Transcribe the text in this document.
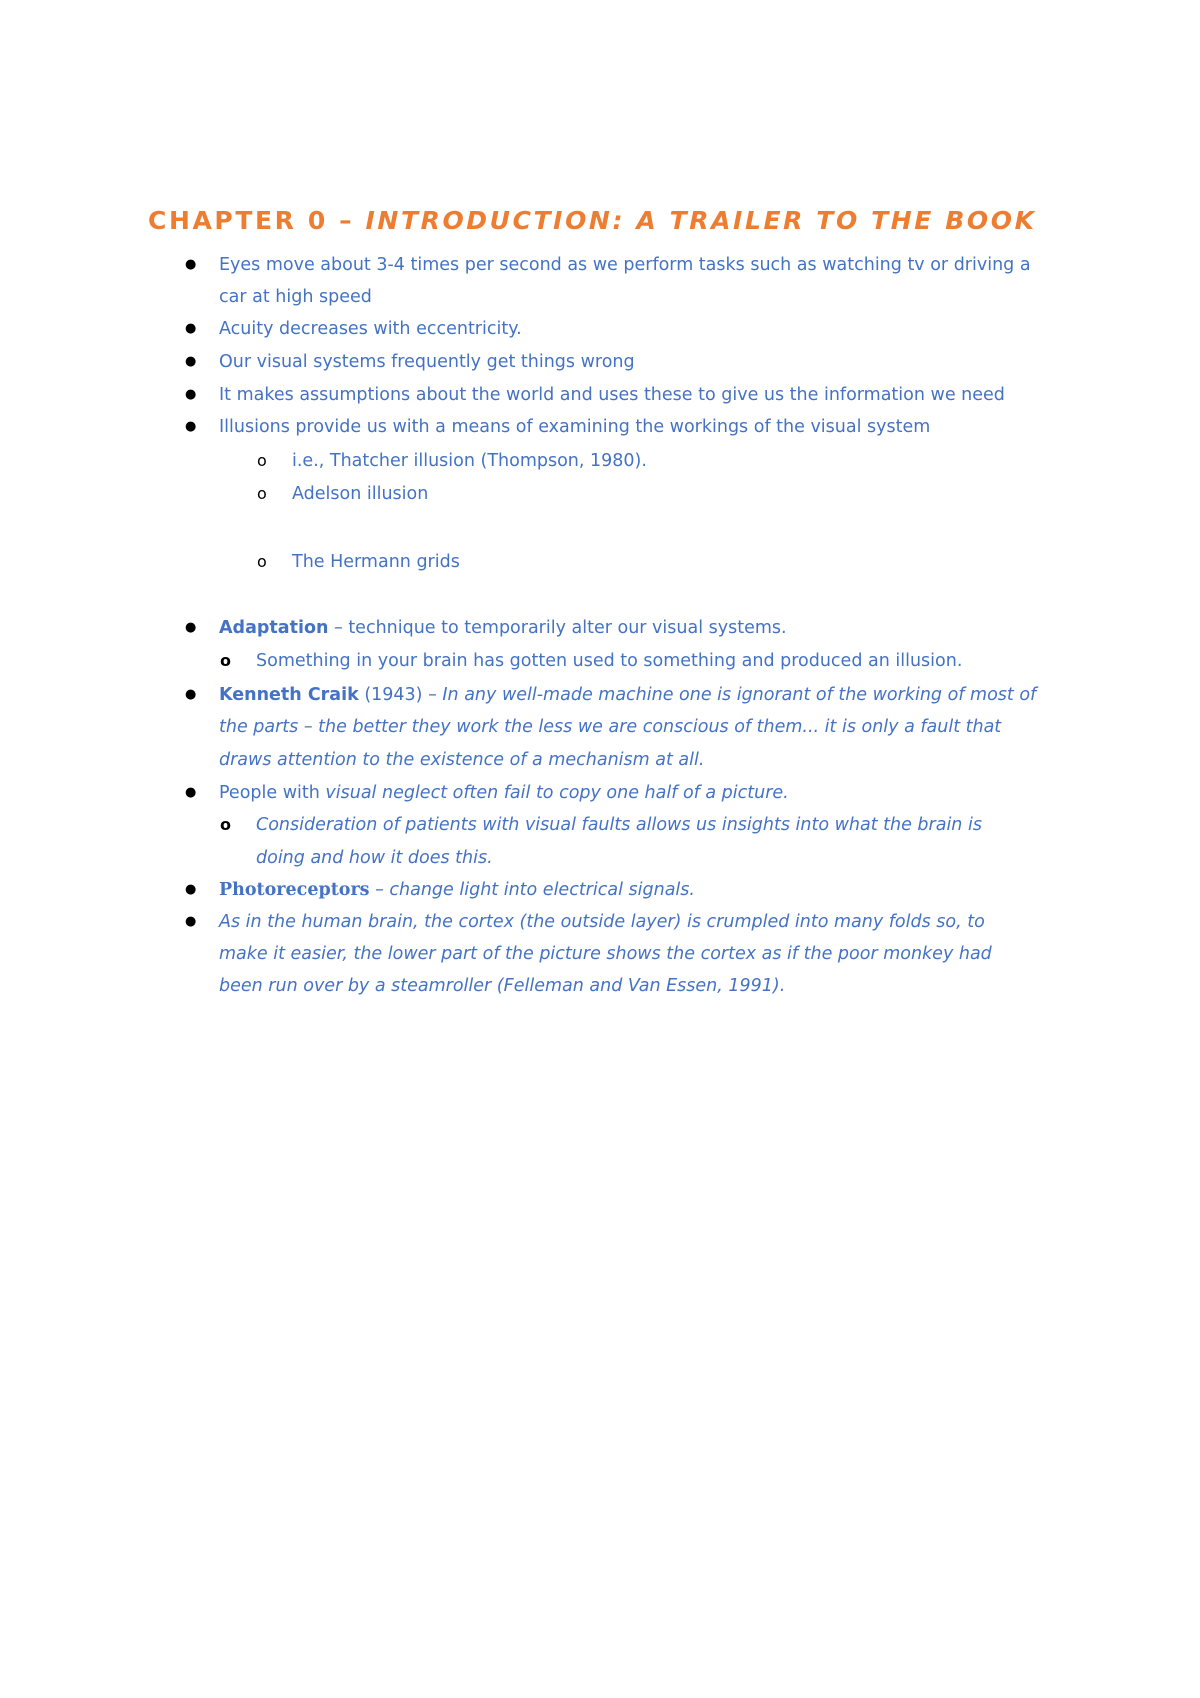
CHAPTER 0 – INTRODUCTION: A TRAILER TO THE BOOK
● Eyes move about 3-4 times per second as we perform tasks such as watching tv or driving a
car at high speed
● Acuity decreases with eccentricity.
● Our visual systems frequently get things wrong
● It makes assumptions about the world and uses these to give us the information we need
● Illusions provide us with a means of examining the workings of the visual system
o i.e., Thatcher illusion (Thompson, 1980).
o Adelson illusion
o The Hermann grids
● Adaptation – technique to temporarily alter our visual systems.
o Something in your brain has gotten used to something and produced an illusion.
● Kenneth Craik (1943) – In any well-made machine one is ignorant of the working of most of
the parts – the better they work the less we are conscious of them... it is only a fault that
draws attention to the existence of a mechanism at all.
● People with visual neglect often fail to copy one half of a picture.
o Consideration of patients with visual faults allows us insights into what the brain is
doing and how it does this.
● Photoreceptors – change light into electrical signals.
● As in the human brain, the cortex (the outside layer) is crumpled into many folds so, to
make it easier, the lower part of the picture shows the cortex as if the poor monkey had
been run over by a steamroller (Felleman and Van Essen, 1991).
